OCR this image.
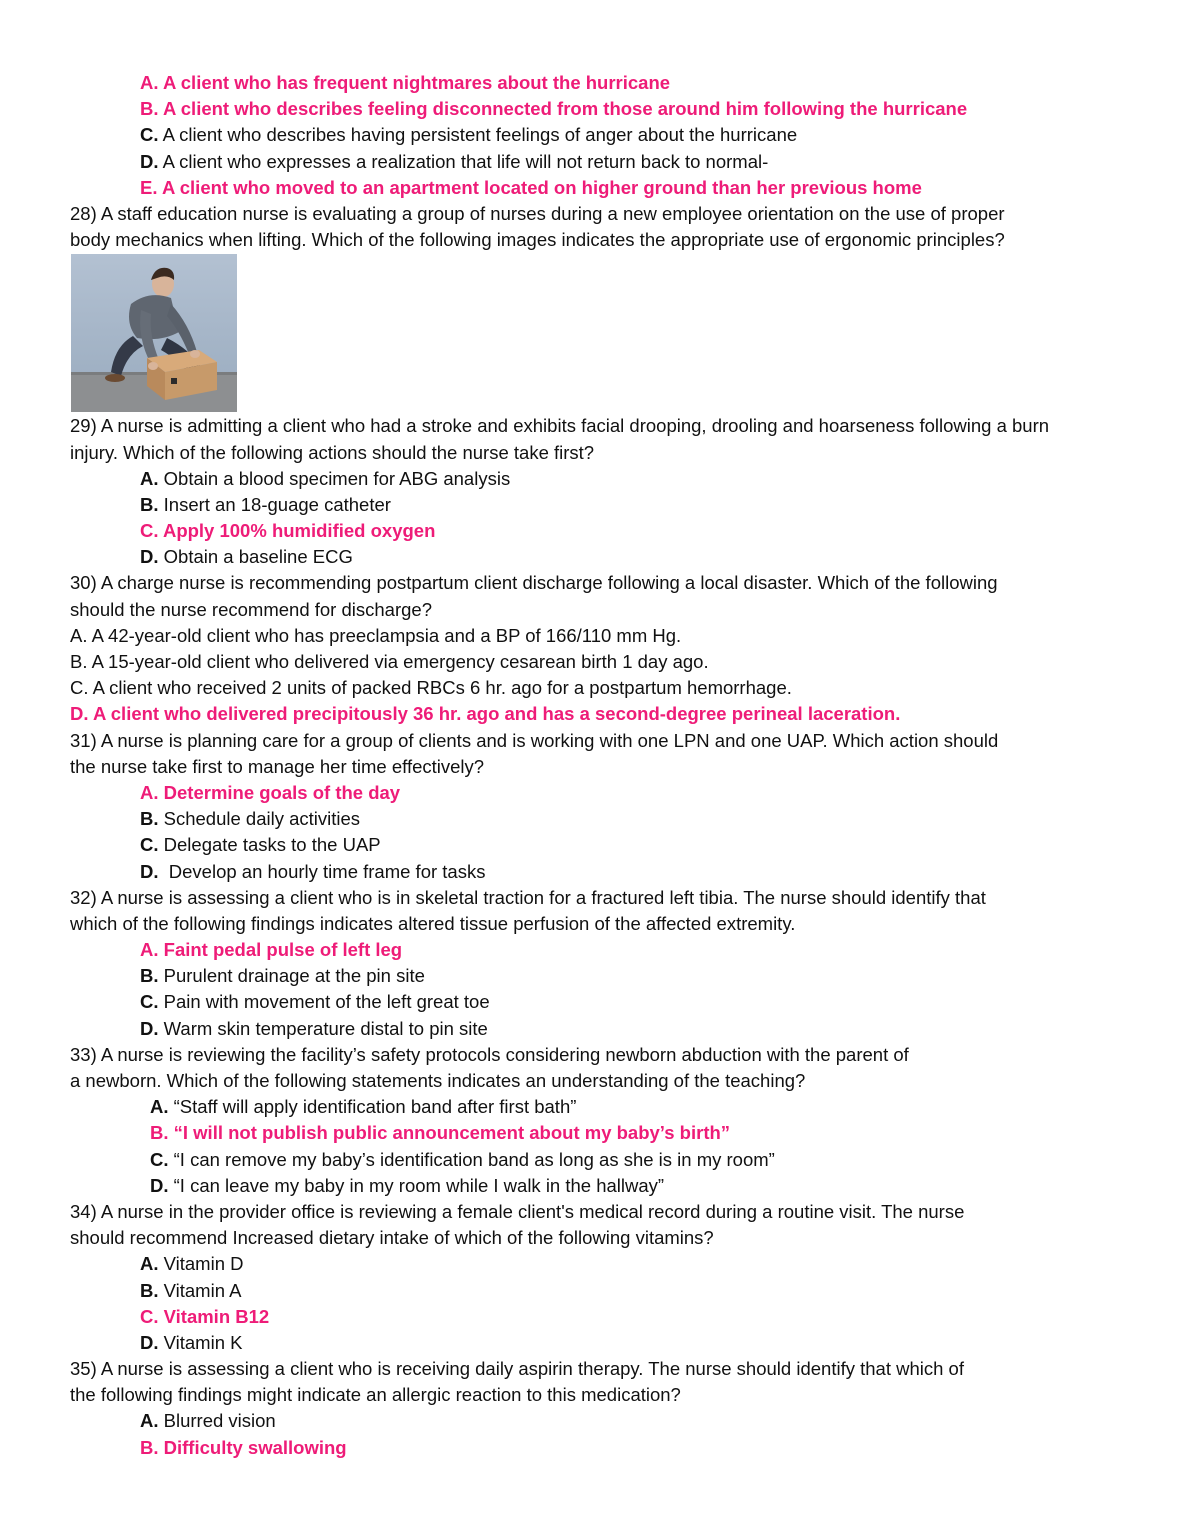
A. A client who has frequent nightmares about the hurricane
B. A client who describes feeling disconnected from those around him following the hurricane
C. A client who describes having persistent feelings of anger about the hurricane
D. A client who expresses a realization that life will not return back to normal-
E. A client who moved to an apartment located on higher ground than her previous home
28) A staff education nurse is evaluating a group of nurses during a new employee orientation on the use of proper
body mechanics when lifting. Which of the following images indicates the appropriate use of ergonomic principles?
29) A nurse is admitting a client who had a stroke and exhibits facial drooping, drooling and hoarseness following a burn
injury. Which of the following actions should the nurse take first?
A. Obtain a blood specimen for ABG analysis
B. Insert an 18-guage catheter
C. Apply 100% humidified oxygen
D. Obtain a baseline ECG
30) A charge nurse is recommending postpartum client discharge following a local disaster. Which of the following
should the nurse recommend for discharge?
A. A 42-year-old client who has preeclampsia and a BP of 166/110 mm Hg.
B. A 15-year-old client who delivered via emergency cesarean birth 1 day ago.
C. A client who received 2 units of packed RBCs 6 hr. ago for a postpartum hemorrhage.
D. A client who delivered precipitously 36 hr. ago and has a second-degree perineal laceration.
31) A nurse is planning care for a group of clients and is working with one LPN and one UAP. Which action should
the nurse take first to manage her time effectively?
A. Determine goals of the day
B. Schedule daily activities
C. Delegate tasks to the UAP
D.  Develop an hourly time frame for tasks
32) A nurse is assessing a client who is in skeletal traction for a fractured left tibia. The nurse should identify that
which of the following findings indicates altered tissue perfusion of the affected extremity.
A. Faint pedal pulse of left leg
B. Purulent drainage at the pin site
C. Pain with movement of the left great toe
D. Warm skin temperature distal to pin site
33) A nurse is reviewing the facility’s safety protocols considering newborn abduction with the parent of
a newborn. Which of the following statements indicates an understanding of the teaching?
A. “Staff will apply identification band after first bath”
B. “I will not publish public announcement about my baby’s birth”
C. “I can remove my baby’s identification band as long as she is in my room”
D. “I can leave my baby in my room while I walk in the hallway”
34) A nurse in the provider office is reviewing a female client's medical record during a routine visit. The nurse
should recommend Increased dietary intake of which of the following vitamins?
A. Vitamin D
B. Vitamin A
C. Vitamin B12
D. Vitamin K
35) A nurse is assessing a client who is receiving daily aspirin therapy. The nurse should identify that which of
the following findings might indicate an allergic reaction to this medication?
A. Blurred vision
B. Difficulty swallowing
